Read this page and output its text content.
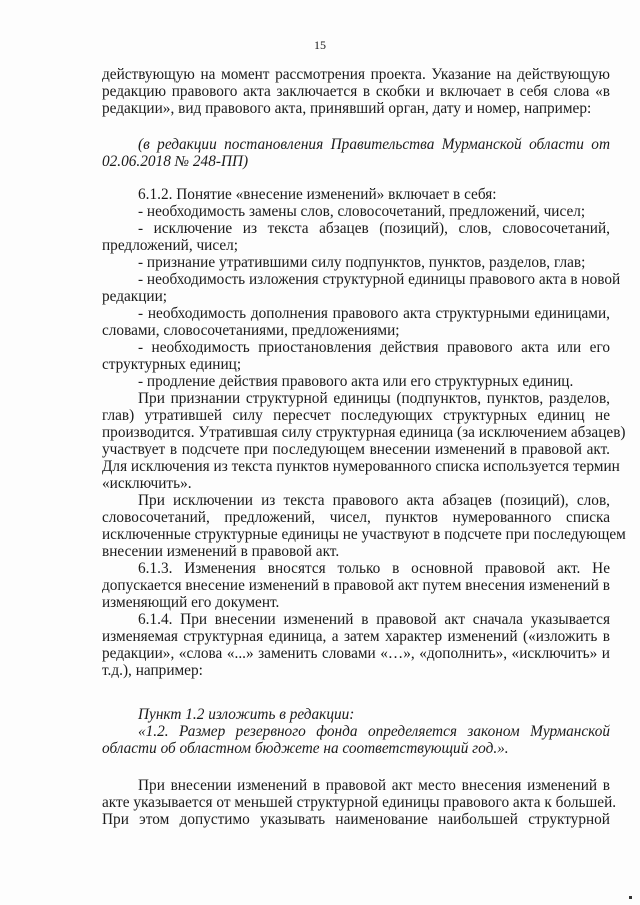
15
действующую на момент рассмотрения проекта. Указание на действующую
редакцию правового акта заключается в скобки и включает в себя слова «в
редакции», вид правового акта, принявший орган, дату и номер, например:
(в редакции постановления Правительства Мурманской области от
02.06.2018 № 248-ПП)
6.1.2. Понятие «внесение изменений» включает в себя:
- необходимость замены слов, словосочетаний, предложений, чисел;
- исключение из текста абзацев (позиций), слов, словосочетаний,
предложений, чисел;
- признание утратившими силу подпунктов, пунктов, разделов, глав;
- необходимость изложения структурной единицы правового акта в новой
редакции;
- необходимость дополнения правового акта структурными единицами,
словами, словосочетаниями, предложениями;
- необходимость приостановления действия правового акта или его
структурных единиц;
- продление действия правового акта или его структурных единиц.
При признании структурной единицы (подпунктов, пунктов, разделов,
глав) утратившей силу пересчет последующих структурных единиц не
производится. Утратившая силу структурная единица (за исключением абзацев)
участвует в подсчете при последующем внесении изменений в правовой акт.
Для исключения из текста пунктов нумерованного списка используется термин
«исключить».
При исключении из текста правового акта абзацев (позиций), слов,
словосочетаний, предложений, чисел, пунктов нумерованного списка
исключенные структурные единицы не участвуют в подсчете при последующем
внесении изменений в правовой акт.
6.1.3. Изменения вносятся только в основной правовой акт. Не
допускается внесение изменений в правовой акт путем внесения изменений в
изменяющий его документ.
6.1.4. При внесении изменений в правовой акт сначала указывается
изменяемая структурная единица, а затем характер изменений («изложить в
редакции», «слова «...» заменить словами «…», «дополнить», «исключить» и
т.д.), например:
Пункт 1.2 изложить в редакции:
«1.2. Размер резервного фонда определяется законом Мурманской
области об областном бюджете на соответствующий год.».
При внесении изменений в правовой акт место внесения изменений в
акте указывается от меньшей структурной единицы правового акта к большей.
При этом допустимо указывать наименование наибольшей структурной
